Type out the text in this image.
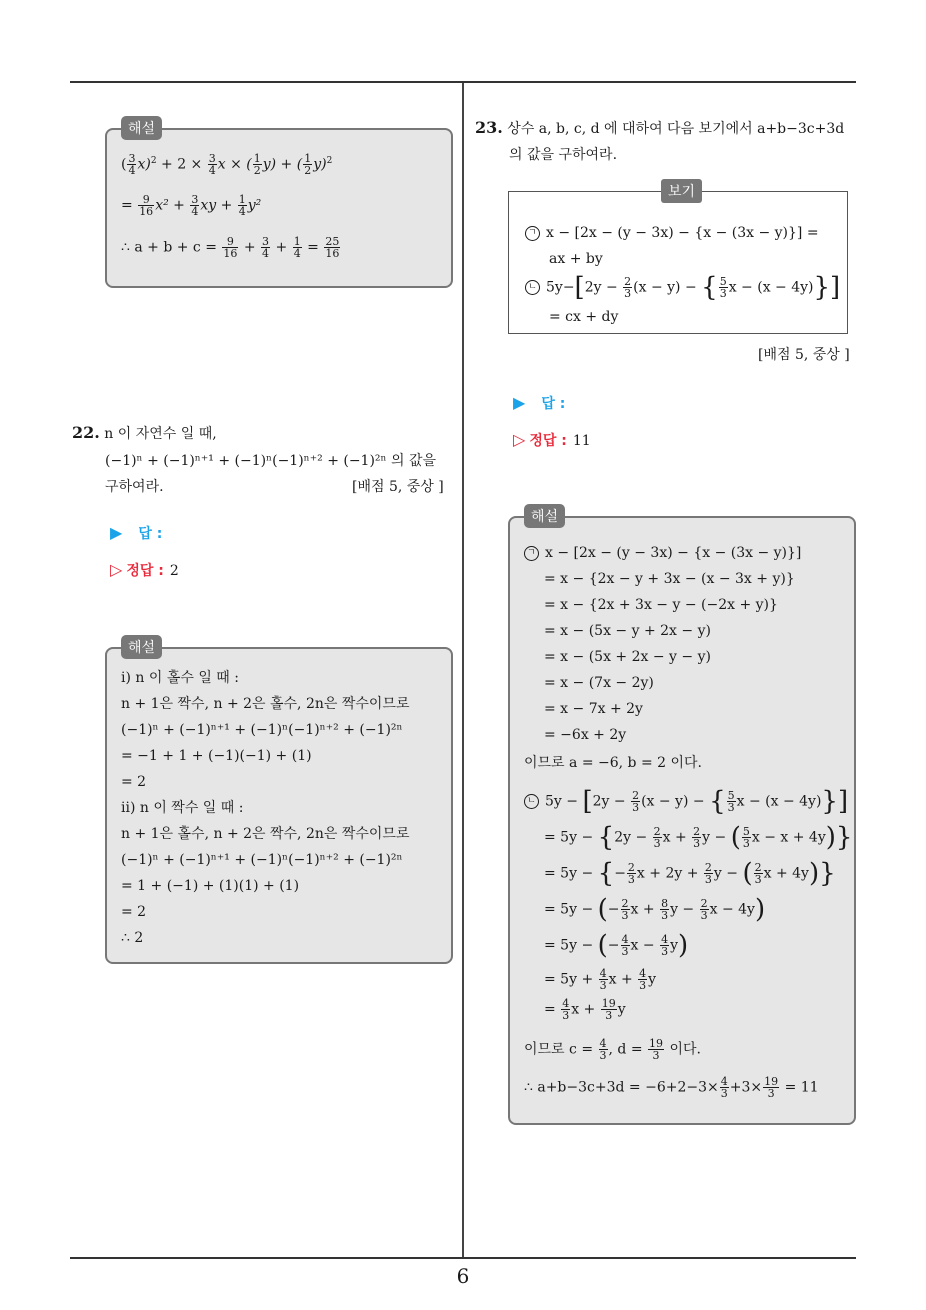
해설
( $\frac{3}{4} x)^2 + 2 \times \frac{3}{4}$ x × ( $\frac{1}{2} y$) + ( $\frac{1}{2} y)^2$
= $\frac{9}{16} x^2 + \frac{3}{4}$ xy + $\frac{1}{4} y^2$
∴ $a + b + c = \frac{9}{16} + \frac{3}{4} + \frac{1}{4} = \frac{25}{16}$
22. n 이 자연수 일 때,
(−1)ⁿ + (−1)ⁿ⁺¹ + (−1)ⁿ(−1)ⁿ⁺² + (−1)²ⁿ 의 값을
구하여라.	[배점 5, 중상 ]
▶ 답 :
▷ 정답 : 2
해설
i) n 이 홀수 일 때 :
n + 1은 짝수, n + 2은 홀수, 2n은 짝수이므로
(−1)ⁿ + (−1)ⁿ⁺¹ + (−1)ⁿ(−1)ⁿ⁺² + (−1)²ⁿ
= −1 + 1 + (−1)(−1) + (1)
= 2
ii) n 이 짝수 일 때 :
n + 1은 홀수, n + 2은 짝수, 2n은 짝수이므로
(−1)ⁿ + (−1)ⁿ⁺¹ + (−1)ⁿ(−1)ⁿ⁺² + (−1)²ⁿ
= 1 + (−1) + (1)(1) + (1)
= 2
∴ 2
23. 상수 a, b, c, d 에 대하여 다음 보기에서 a+b−3c+3d
의 값을 구하여라.
보기
ㄱ x − [2x − (y − 3x) − {x − (3x − y)}] =
ax + by
ㄴ $5y-[2y - \frac{2}{3} (x - y)$ − { $\frac{5}{3}$ x − (x − 4y)}]
= cx + dy
[배점 5, 중상 ]
▶ 답 :
▷ 정답 : 11
해설
ㄱ x − [2x − (y − 3x) − {x − (3x − y)}]
= x − {2x − y + 3x − (x − 3x + y)}
= x − {2x + 3x − y − (−2x + y)}
= x − (5x − y + 2x − y)
= x − (5x + 2x − y − y)
= x − (7x − 2y)
= x − 7x + 2y
= −6x + 2y
이므로 a = −6, b = 2 이다.
ㄴ $5y - [2y - \frac{2}{3} (x - y)$ − { $\frac{5}{3}$ x − (x − 4y)}]
= $5y - \{2y - \frac{2}{3}$ $x + \frac{2}{3}$ y − ( $\frac{5}{3}$ x − x + 4y)}
= 5y − {− $\frac{2}{3}$ $x + 2y + \frac{2}{3}$ y − ( $\frac{2}{3}$ x + 4y)}
= 5y − (− $\frac{2}{3}$ $x + \frac{8}{3}$ $y - \frac{2}{3}$ x − 4y)
= 5y − (− $\frac{4}{3}$ $x - \frac{4}{3} y$)
= $5y + \frac{4}{3}$ $x + \frac{4}{3}$ y
= $\frac{4}{3}$ $x + \frac{19}{3}$ y
이므로 $c = \frac{4}{3}$ , $d = \frac{19}{3}$ 이다.
∴ $a+b-3c+3d = -6+2-3\times \frac{4}{3} +3\times \frac{19}{3} = 11$
6
